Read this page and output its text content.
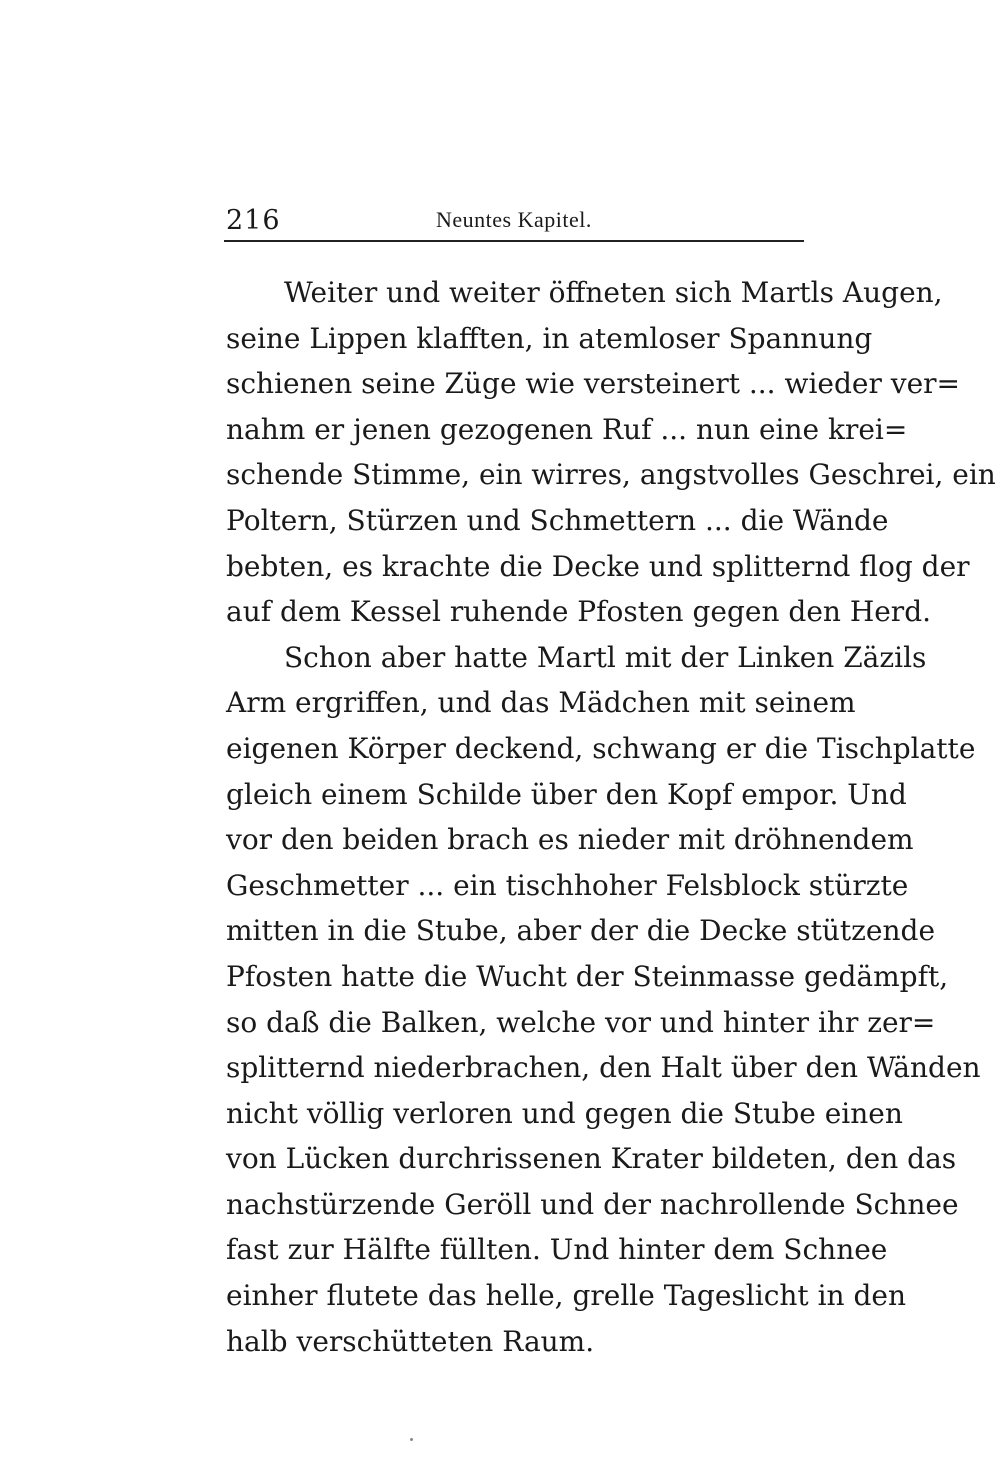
216	Neuntes Kapitel.
Weiter und weiter öffneten sich Martls Augen,
seine Lippen klafften, in atemloser Spannung
schienen seine Züge wie versteinert ... wieder ver=
nahm er jenen gezogenen Ruf ... nun eine krei=
schende Stimme, ein wirres, angstvolles Geschrei, ein
Poltern, Stürzen und Schmettern ... die Wände
bebten, es krachte die Decke und splitternd flog der
auf dem Kessel ruhende Pfosten gegen den Herd.
Schon aber hatte Martl mit der Linken Zäzils
Arm ergriffen, und das Mädchen mit seinem
eigenen Körper deckend, schwang er die Tischplatte
gleich einem Schilde über den Kopf empor. Und
vor den beiden brach es nieder mit dröhnendem
Geschmetter ... ein tischhoher Felsblock stürzte
mitten in die Stube, aber der die Decke stützende
Pfosten hatte die Wucht der Steinmasse gedämpft,
so daß die Balken, welche vor und hinter ihr zer=
splitternd niederbrachen, den Halt über den Wänden
nicht völlig verloren und gegen die Stube einen
von Lücken durchrissenen Krater bildeten, den das
nachstürzende Geröll und der nachrollende Schnee
fast zur Hälfte füllten. Und hinter dem Schnee
einher flutete das helle, grelle Tageslicht in den
halb verschütteten Raum.
